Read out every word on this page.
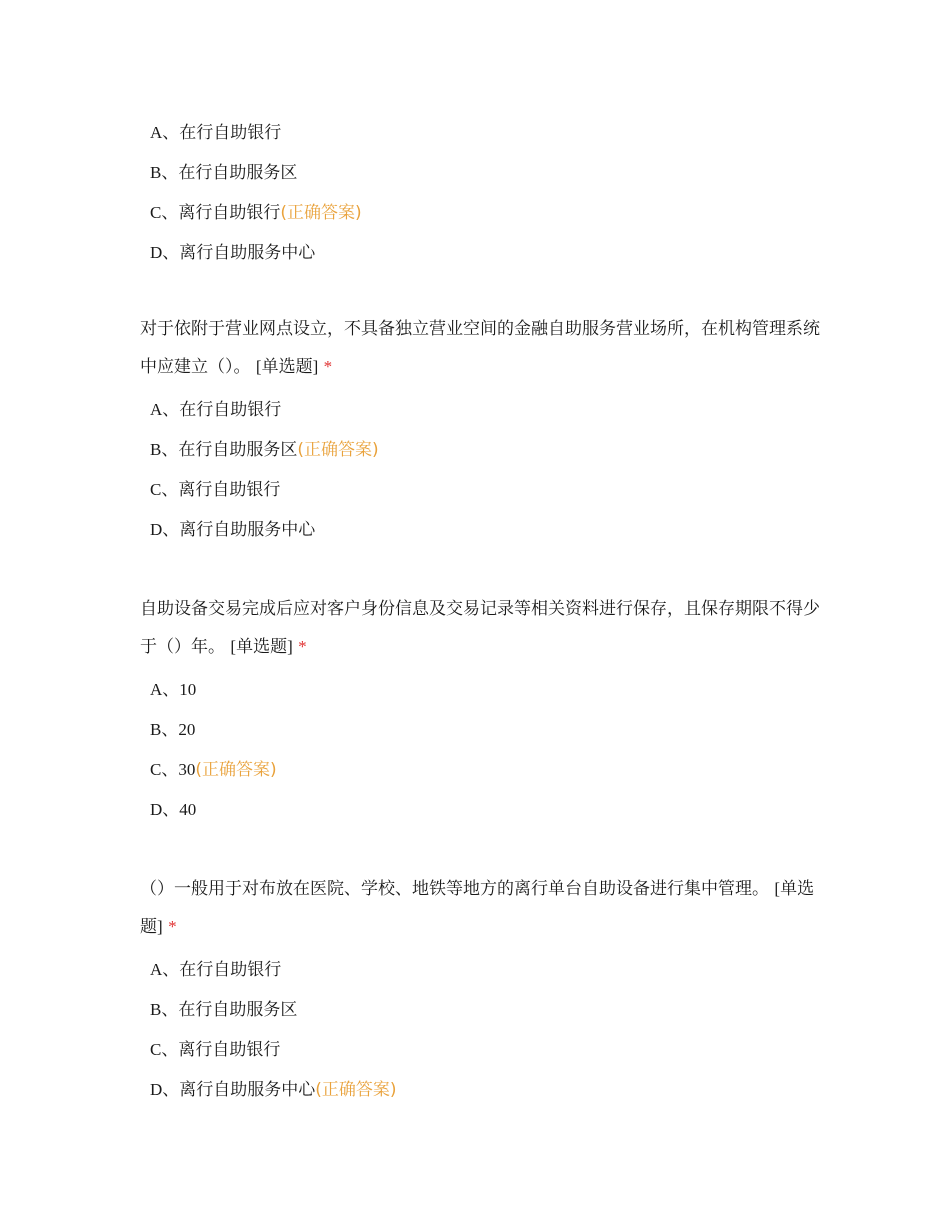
A、在行自助银行
B、在行自助服务区
C、离行自助银行(正确答案)
D、离行自助服务中心

对于依附于营业网点设立，不具备独立营业空间的金融自助服务营业场所，在机构管理系统中应建立（）。 [单选题] *

A、在行自助银行
B、在行自助服务区(正确答案)
C、离行自助银行
D、离行自助服务中心

自助设备交易完成后应对客户身份信息及交易记录等相关资料进行保存，且保存期限不得少于（）年。 [单选题] *

A、10
B、20
C、30(正确答案)
D、40

（）一般用于对布放在医院、学校、地铁等地方的离行单台自助设备进行集中管理。 [单选题] *

A、在行自助银行
B、在行自助服务区
C、离行自助银行
D、离行自助服务中心(正确答案)
